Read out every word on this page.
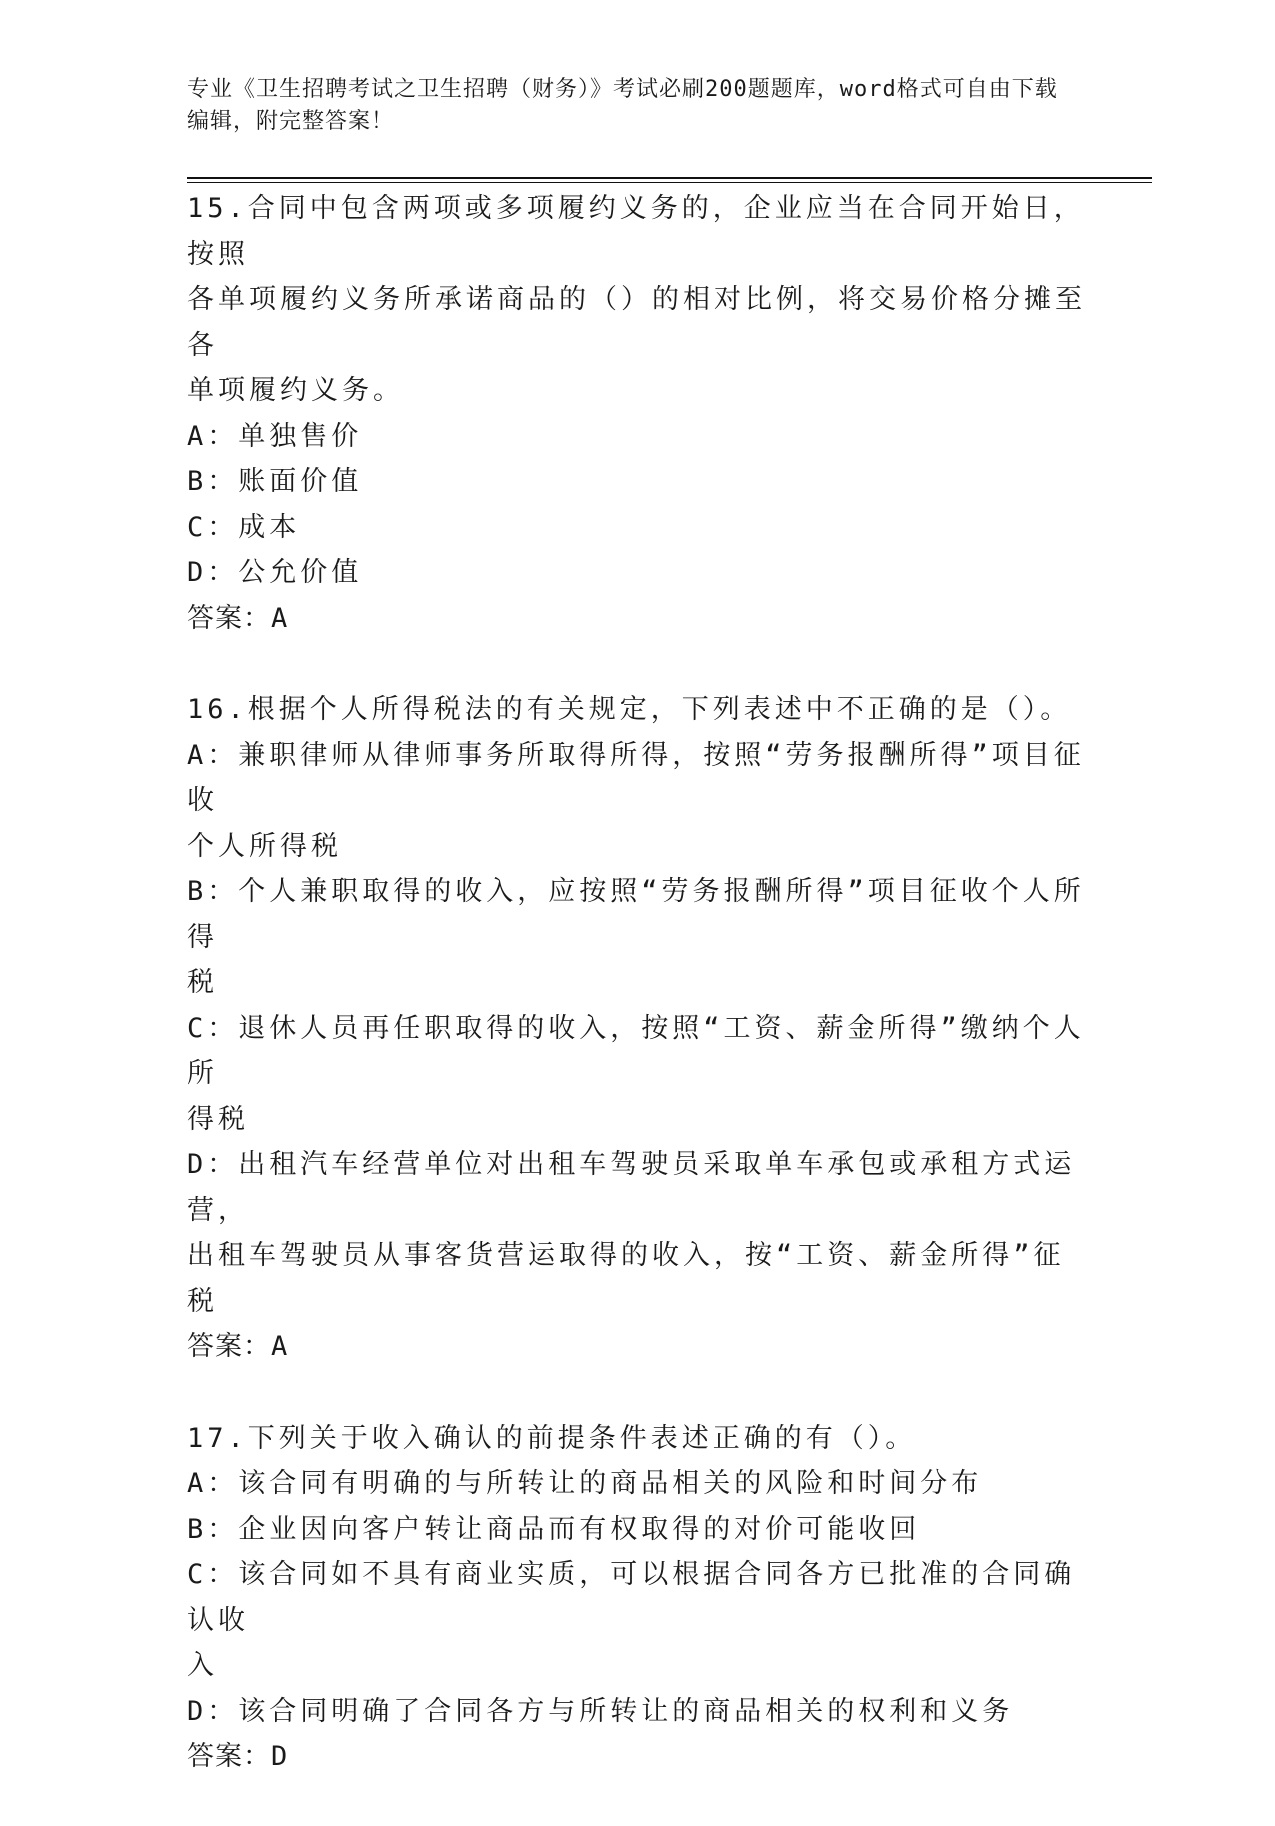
专业《卫生招聘考试之卫生招聘（财务）》考试必刷200题题库，word格式可自由下载编辑，附完整答案！

15.合同中包含两项或多项履约义务的，企业应当在合同开始日，按照

各单项履约义务所承诺商品的（）的相对比例，将交易价格分摊至各

单项履约义务。

A：单独售价

B：账面价值

C：成本

D：公允价值

答案：A

16.根据个人所得税法的有关规定，下列表述中不正确的是（）。

A：兼职律师从律师事务所取得所得，按照“劳务报酬所得”项目征收

个人所得税

B：个人兼职取得的收入，应按照“劳务报酬所得”项目征收个人所得

税

C：退休人员再任职取得的收入，按照“工资、薪金所得”缴纳个人所

得税

D：出租汽车经营单位对出租车驾驶员采取单车承包或承租方式运营，

出租车驾驶员从事客货营运取得的收入，按“工资、薪金所得”征税

答案：A

17.下列关于收入确认的前提条件表述正确的有（）。

A：该合同有明确的与所转让的商品相关的风险和时间分布

B：企业因向客户转让商品而有权取得的对价可能收回

C：该合同如不具有商业实质，可以根据合同各方已批准的合同确认收

入

D：该合同明确了合同各方与所转让的商品相关的权利和义务

答案：D
